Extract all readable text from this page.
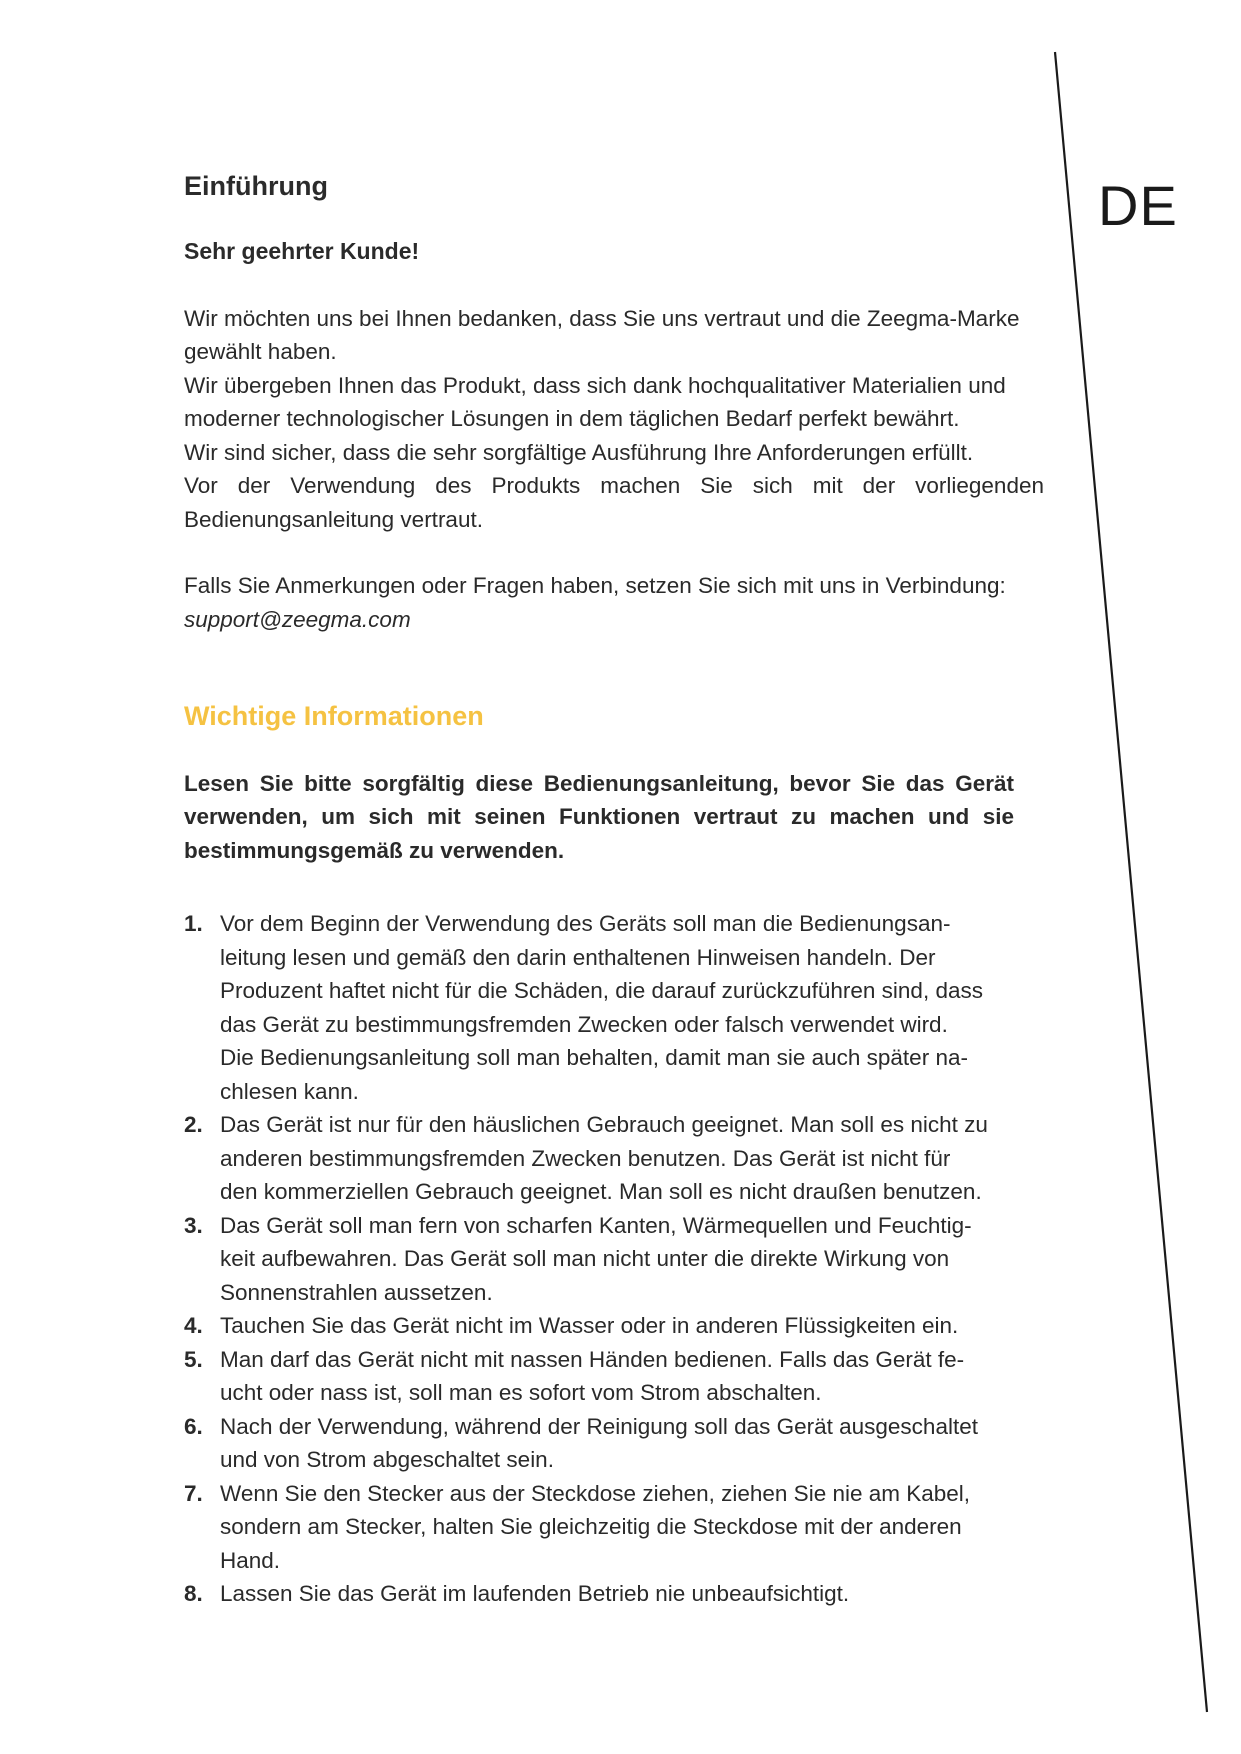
DE
Einführung

Sehr geehrter Kunde!

Wir möchten uns bei Ihnen bedanken, dass Sie uns vertraut und die Zeegma-Marke
gewählt haben.
Wir übergeben Ihnen das Produkt, dass sich dank hochqualitativer Materialien und
moderner technologischer Lösungen in dem täglichen Bedarf perfekt bewährt.
Wir sind sicher, dass die sehr sorgfältige Ausführung Ihre Anforderungen erfüllt.
Vor der Verwendung des Produkts machen Sie sich mit der vorliegenden
Bedienungsanleitung vertraut.

Falls Sie Anmerkungen oder Fragen haben, setzen Sie sich mit uns in Verbindung:
support@zeegma.com

Wichtige Informationen

Lesen Sie bitte sorgfältig diese Bedienungsanleitung, bevor Sie das Gerät
verwenden, um sich mit seinen Funktionen vertraut zu machen und sie
bestimmungsgemäß zu verwenden.

1. Vor dem Beginn der Verwendung des Geräts soll man die Bedienungsan-
leitung lesen und gemäß den darin enthaltenen Hinweisen handeln. Der
Produzent haftet nicht für die Schäden, die darauf zurückzuführen sind, dass
das Gerät zu bestimmungsfremden Zwecken oder falsch verwendet wird.
Die Bedienungsanleitung soll man behalten, damit man sie auch später na-
chlesen kann.
2. Das Gerät ist nur für den häuslichen Gebrauch geeignet. Man soll es nicht zu
anderen bestimmungsfremden Zwecken benutzen. Das Gerät ist nicht für
den kommerziellen Gebrauch geeignet. Man soll es nicht draußen benutzen.
3. Das Gerät soll man fern von scharfen Kanten, Wärmequellen und Feuchtig-
keit aufbewahren. Das Gerät soll man nicht unter die direkte Wirkung von
Sonnenstrahlen aussetzen.
4. Tauchen Sie das Gerät nicht im Wasser oder in anderen Flüssigkeiten ein.
5. Man darf das Gerät nicht mit nassen Händen bedienen. Falls das Gerät fe-
ucht oder nass ist, soll man es sofort vom Strom abschalten.
6. Nach der Verwendung, während der Reinigung soll das Gerät ausgeschaltet
und von Strom abgeschaltet sein.
7. Wenn Sie den Stecker aus der Steckdose ziehen, ziehen Sie nie am Kabel,
sondern am Stecker, halten Sie gleichzeitig die Steckdose mit der anderen
Hand.
8. Lassen Sie das Gerät im laufenden Betrieb nie unbeaufsichtigt.
